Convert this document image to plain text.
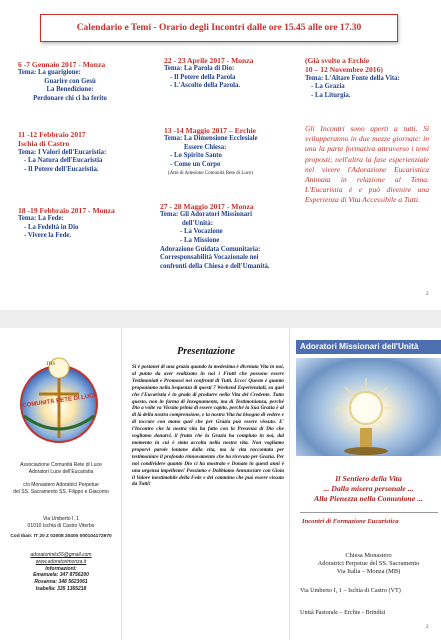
Calendario e Temi - Orario degli Incontri dalle ore 15.45 alle ore 17.30
6 -7 Gennaio 2017 - Monza
Tema: La guarigione:
Guarire con Gesù
La Benedizione:
Perdonare chi ci ha ferito
22 - 23 Aprile 2017 - Monza
Tema: La Parola di Dio:
- Il Potere della Parola
- L'Ascolto della Parola.
(Già svolto a Erchie
10 – 12 Novembre 2016)
Tema: L'Altare Fonte della Vita:
- La Grazia
- La Liturgia.
11 -12 Febbraio 2017
Ischia di Castro
Tema: I Valori dell'Eucaristia:
- La Natura dell'Eucaristia
- Il Potere dell'Eucaristia.
13 -14 Maggio 2017 – Erchie
Tema: La Dimensione Ecclesiale
Essere Chiesa:
- Lo Spirito Santo
- Come un Corpo
(Atto di Adesione Comunità Rete di Luce)
Gli Incontri sono aperti a tutti. Si svilupperanno in due mezze giornate: in una la parte formativa attraverso i temi proposti; nell'altra la fase esperienziale nel vivere l'Adorazione Eucaristica Animata in relazione al Tema. L'Eucaristia è e può divenire una Esperienza di Vita Accessibile a Tutti.
18 -19 Febbraio 2017 - Monza
Tema: La Fede:
- La Fedeltà in Dio
- Vivere la Fede.
27 - 28 Maggio 2017 - Monza
Tema: Gli Adoratori Missionari
dell'Unità:
- La Vocazione
- La Missione
Adorazione Guidata Comunitaria:
Corresponsabilità Vocazionale nei
confronti della Chiesa e dell'Umanità.
2
JHS
COMUNITÀ RETE DI LUCE
Associazione Comunità Rete di Luce
Adoratori Luce dell'Eucaristia
c/o Monastero Adoratrici Perpetue
del SS. Sacramento SS. Filippo e Giacomo
Via Umberto I, 1
01010 Ischia di Castro Viterbo
Cod Iban: IT 20 Z 02008 20400 000104172970
adoratorimlu55@gmail.com
www.adoratorimonza.it
Informazioni:
Emanuela: 347 8756200
Rosanna: 348 5623061
Isabella: 335 1365218
Presentazione
Si è postanei di una grazia quando la medesima è divenuta Vita in noi, al punto da aver realizzato in noi i Frutti che possono essere Testimoniati e Promossi nei confronti di Tutti. Ecco! Questo è quanto proponiamo nella Sequenza di questi 7 Weekend Esperienziali, su quel che l'Eucaristia è in grado di produrre nella Vita del Credente. Tutto questo, non in forma di Insegnamento, ma di Testimonianza, perché Dio a volte va Vissuto prima di essere capito, perché la Sua Grazia è al di là della nostra comprensione, e la nostra Vita ha bisogno di vedere e di toccare con mano quel che per Grazia può essere vissuto. E' l'Incontro che la nostra vita ha fatto con la Presenza di Dio che vogliamo donarvi, il frutto che la Grazia ha compiuto in noi, dal momento in cui è stata accolta nella nostra vita. Non vogliamo proporvi parole lontane dalla vita, ma la vita raccontata per testimoniare il profondo rinnovamento che ha ricevuto per Grazia. Per noi condividere quanto Dio ci ha mostrato e Donato in questi anni è una urgenza impellente! Possiamo e Dobbiamo Annunciare con Gioia il Valore inestimabile della Fede e del cammino che può essere vissuto da Tutti!
Adoratori Missionari dell'Unità
Il Sentiero della Vita
... Dalla misera personale ...
Alla Pienezza nella Comunione ...
Incontri di Formazione Eucaristica
Chiesa Monastero
Adoratrici Perpetue del SS. Sacramento
Via Italia – Monza (MB)
Via Umberto I, 1 – Ischia di Castro (VT)
Unità Pastorale – Erchie - Brindisi
2
